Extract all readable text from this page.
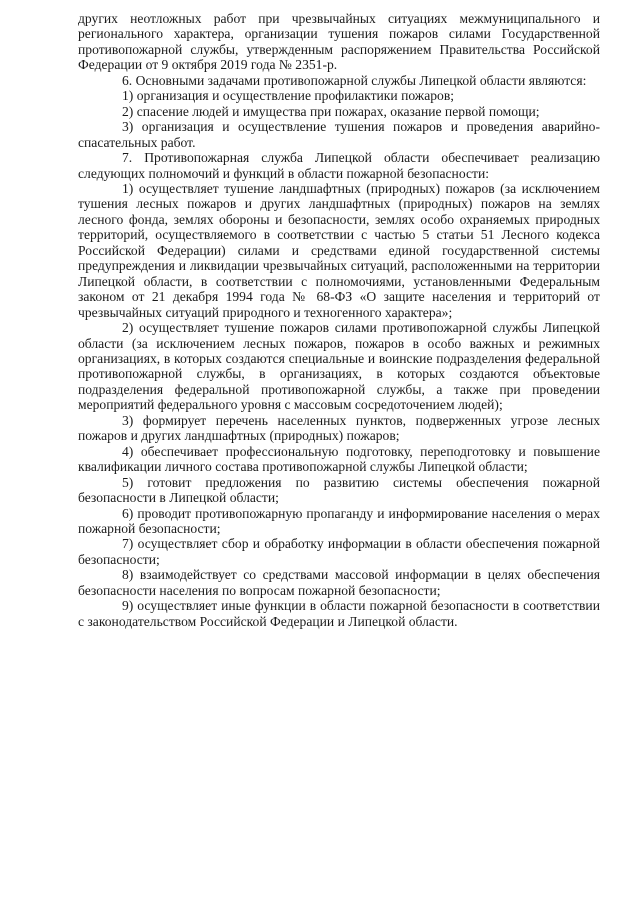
других неотложных работ при чрезвычайных ситуациях межмуниципального и регионального характера, организации тушения пожаров силами Государственной противопожарной службы, утвержденным распоряжением Правительства Российской Федерации от 9 октября 2019 года № 2351-р.

6. Основными задачами противопожарной службы Липецкой области являются:

1) организация и осуществление профилактики пожаров;

2) спасение людей и имущества при пожарах, оказание первой помощи;

3) организация и осуществление тушения пожаров и проведения аварийно-спасательных работ.

7. Противопожарная служба Липецкой области обеспечивает реализацию следующих полномочий и функций в области пожарной безопасности:

1) осуществляет тушение ландшафтных (природных) пожаров (за исключением тушения лесных пожаров и других ландшафтных (природных) пожаров на землях лесного фонда, землях обороны и безопасности, землях особо охраняемых природных территорий, осуществляемого в соответствии с частью 5 статьи 51 Лесного кодекса Российской Федерации) силами и средствами единой государственной системы предупреждения и ликвидации чрезвычайных ситуаций, расположенными на территории Липецкой области, в соответствии с полномочиями, установленными Федеральным законом от 21 декабря 1994 года № 68-ФЗ «О защите населения и территорий от чрезвычайных ситуаций природного и техногенного характера»;

2) осуществляет тушение пожаров силами противопожарной службы Липецкой области (за исключением лесных пожаров, пожаров в особо важных и режимных организациях, в которых создаются специальные и воинские подразделения федеральной противопожарной службы, в организациях, в которых создаются объектовые подразделения федеральной противопожарной службы, а также при проведении мероприятий федерального уровня с массовым сосредоточением людей);

3) формирует перечень населенных пунктов, подверженных угрозе лесных пожаров и других ландшафтных (природных) пожаров;

4) обеспечивает профессиональную подготовку, переподготовку и повышение квалификации личного состава противопожарной службы Липецкой области;

5) готовит предложения по развитию системы обеспечения пожарной безопасности в Липецкой области;

6) проводит противопожарную пропаганду и информирование населения о мерах пожарной безопасности;

7) осуществляет сбор и обработку информации в области обеспечения пожарной безопасности;

8) взаимодействует со средствами массовой информации в целях обеспечения безопасности населения по вопросам пожарной безопасности;

9) осуществляет иные функции в области пожарной безопасности в соответствии с законодательством Российской Федерации и Липецкой области.
